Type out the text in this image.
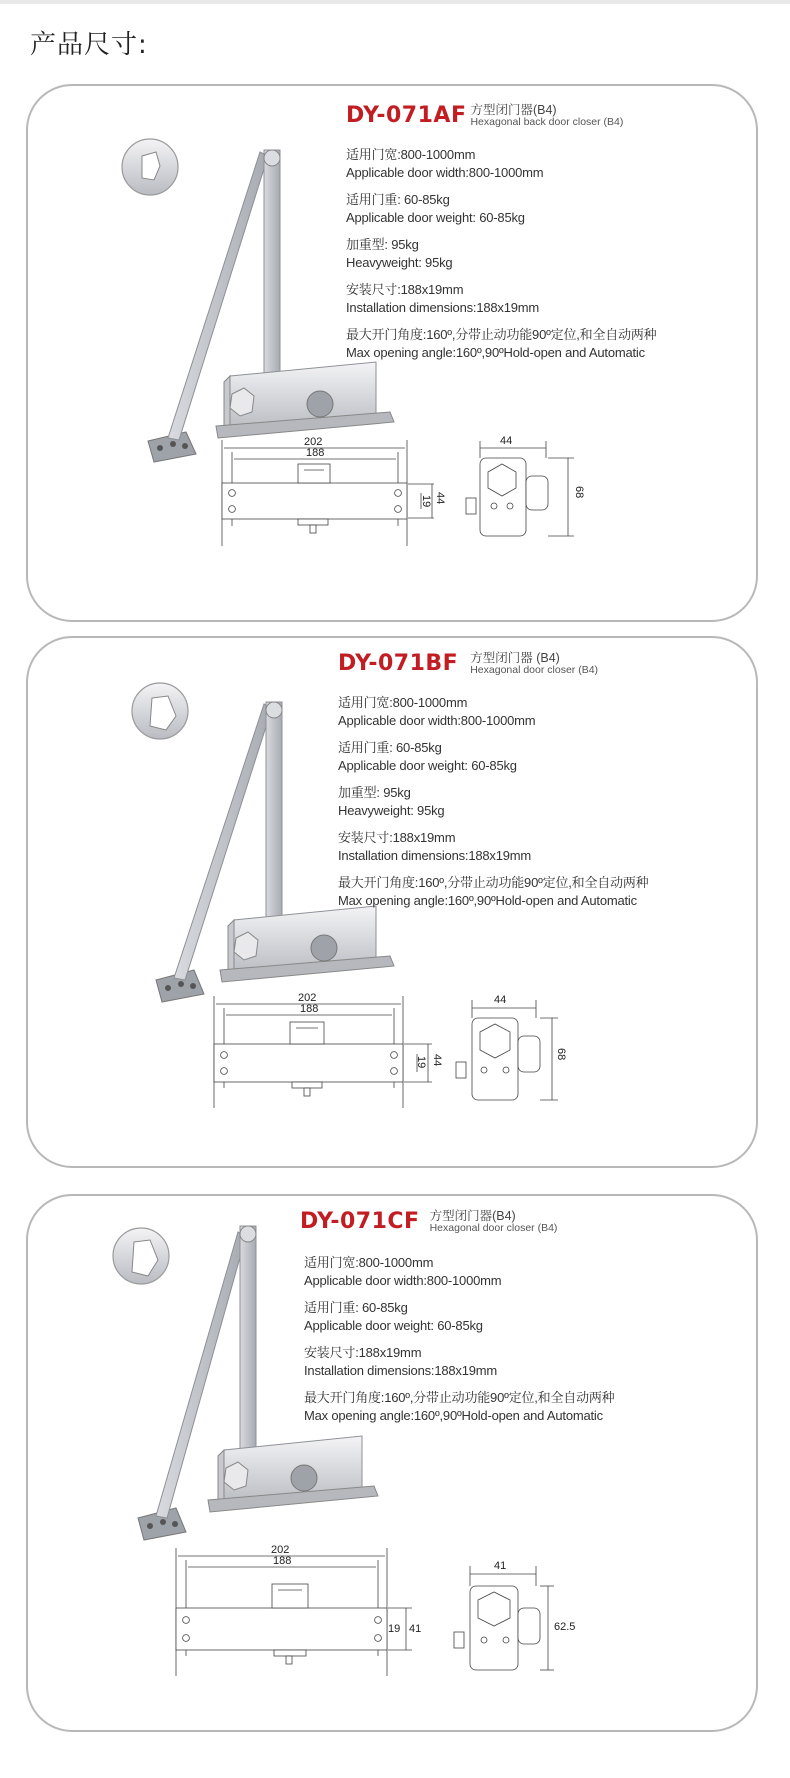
产品尺寸:
DY-071AF 方型闭门器(B4)
Hexagonal back door closer (B4)
适用门宽:800-1000mm
Applicable door width:800-1000mm
适用门重: 60-85kg
Applicable door weight: 60-85kg
加重型: 95kg
Heavyweight: 95kg
安装尺寸:188x19mm
Installation dimensions:188x19mm
最大开门角度:160º,分带止动功能90º定位,和全自动两种
Max opening angle:160º,90ºHold-open and Automatic
202
188
19 44
44
68
DY-071BF 方型闭门器 (B4)
Hexagonal door closer (B4)
适用门宽:800-1000mm
Applicable door width:800-1000mm
适用门重: 60-85kg
Applicable door weight: 60-85kg
加重型: 95kg
Heavyweight: 95kg
安装尺寸:188x19mm
Installation dimensions:188x19mm
最大开门角度:160º,分带止动功能90º定位,和全自动两种
Max opening angle:160º,90ºHold-open and Automatic
202
188
19 44
44
68
DY-071CF 方型闭门器(B4)
Hexagonal door closer (B4)
适用门宽:800-1000mm
Applicable door width:800-1000mm
适用门重: 60-85kg
Applicable door weight: 60-85kg
安装尺寸:188x19mm
Installation dimensions:188x19mm
最大开门角度:160º,分带止动功能90º定位,和全自动两种
Max opening angle:160º,90ºHold-open and Automatic
202
188
19 41
41
62.5
